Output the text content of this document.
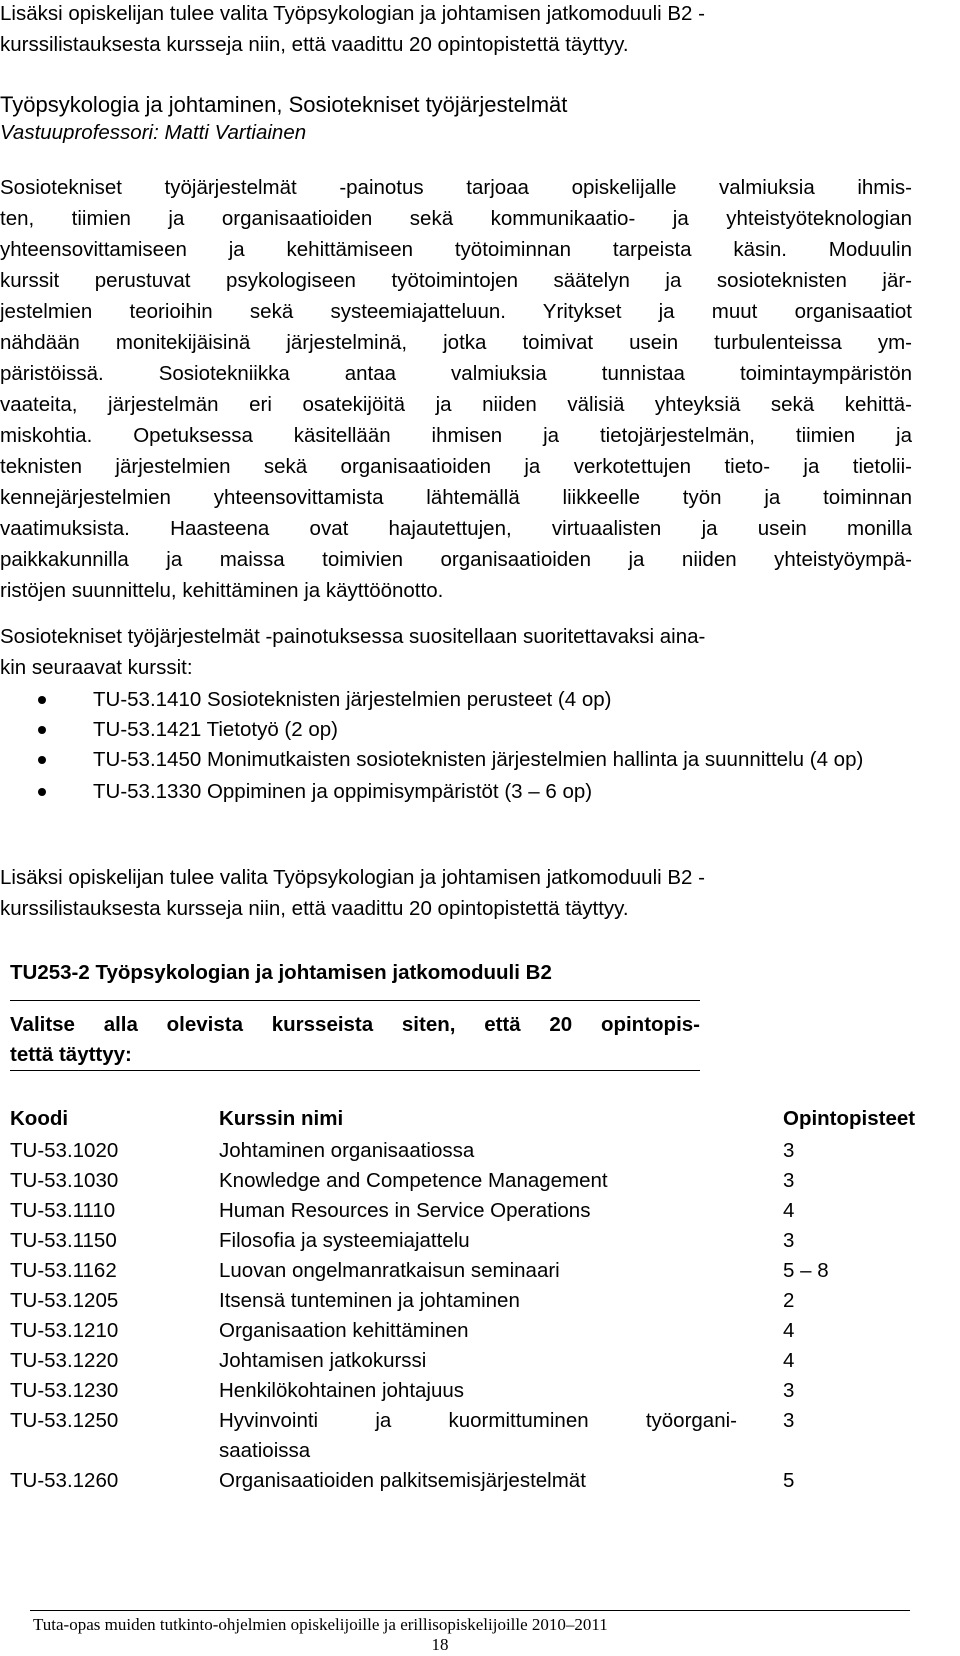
Lisäksi opiskelijan tulee valita Työpsykologian ja johtamisen jatkomoduuli B2 -
kurssilistauksesta kursseja niin, että vaadittu 20 opintopistettä täyttyy.
Työpsykologia ja johtaminen, Sosiotekniset työjärjestelmät
Vastuuprofessori: Matti Vartiainen
Sosiotekniset työjärjestelmät -painotus tarjoaa opiskelijalle valmiuksia ihmis-
ten, tiimien ja organisaatioiden sekä kommunikaatio- ja yhteistyöteknologian
yhteensovittamiseen ja kehittämiseen työtoiminnan tarpeista käsin. Moduulin
kurssit perustuvat psykologiseen työtoimintojen säätelyn ja sosioteknisten jär-
jestelmien teorioihin sekä systeemiajatteluun. Yritykset ja muut organisaatiot
nähdään monitekijäisinä järjestelminä, jotka toimivat usein turbulenteissa ym-
päristöissä. Sosiotekniikka antaa valmiuksia tunnistaa toimintaympäristön
vaateita, järjestelmän eri osatekijöitä ja niiden välisiä yhteyksiä sekä kehittä-
miskohtia. Opetuksessa käsitellään ihmisen ja tietojärjestelmän, tiimien ja
teknisten järjestelmien sekä organisaatioiden ja verkotettujen tieto- ja tietolii-
kennejärjestelmien yhteensovittamista lähtemällä liikkeelle työn ja toiminnan
vaatimuksista. Haasteena ovat hajautettujen, virtuaalisten ja usein monilla
paikkakunnilla ja maissa toimivien organisaatioiden ja niiden yhteistyöympä-
ristöjen suunnittelu, kehittäminen ja käyttöönotto.
Sosiotekniset työjärjestelmät -painotuksessa suositellaan suoritettavaksi aina-
kin seuraavat kurssit:
TU-53.1410 Sosioteknisten järjestelmien perusteet (4 op)
TU-53.1421 Tietotyö (2 op)
TU-53.1450 Monimutkaisten sosioteknisten järjestelmien hallinta ja suunnittelu (4 op)
TU-53.1330 Oppiminen ja oppimisympäristöt (3 – 6 op)
Lisäksi opiskelijan tulee valita Työpsykologian ja johtamisen jatkomoduuli B2 -
kurssilistauksesta kursseja niin, että vaadittu 20 opintopistettä täyttyy.
TU253-2 Työpsykologian ja johtamisen jatkomoduuli B2
Valitse alla olevista kursseista siten, että 20 opintopis-
tettä täyttyy:
Koodi	Kurssin nimi	Opintopisteet
TU-53.1020	Johtaminen organisaatiossa	3
TU-53.1030	Knowledge and Competence Management	3
TU-53.1110	Human Resources in Service Operations	4
TU-53.1150	Filosofia ja systeemiajattelu	3
TU-53.1162	Luovan ongelmanratkaisun seminaari	5 – 8
TU-53.1205	Itsensä tunteminen ja johtaminen	2
TU-53.1210	Organisaation kehittäminen	4
TU-53.1220	Johtamisen jatkokurssi	4
TU-53.1230	Henkilökohtainen johtajuus	3
TU-53.1250	Hyvinvointi ja kuormittuminen työorgani-
saatioissa	3
TU-53.1260	Organisaatioiden palkitsemisjärjestelmät	5
Tuta-opas muiden tutkinto-ohjelmien opiskelijoille ja erillisopiskelijoille 2010–2011
18
